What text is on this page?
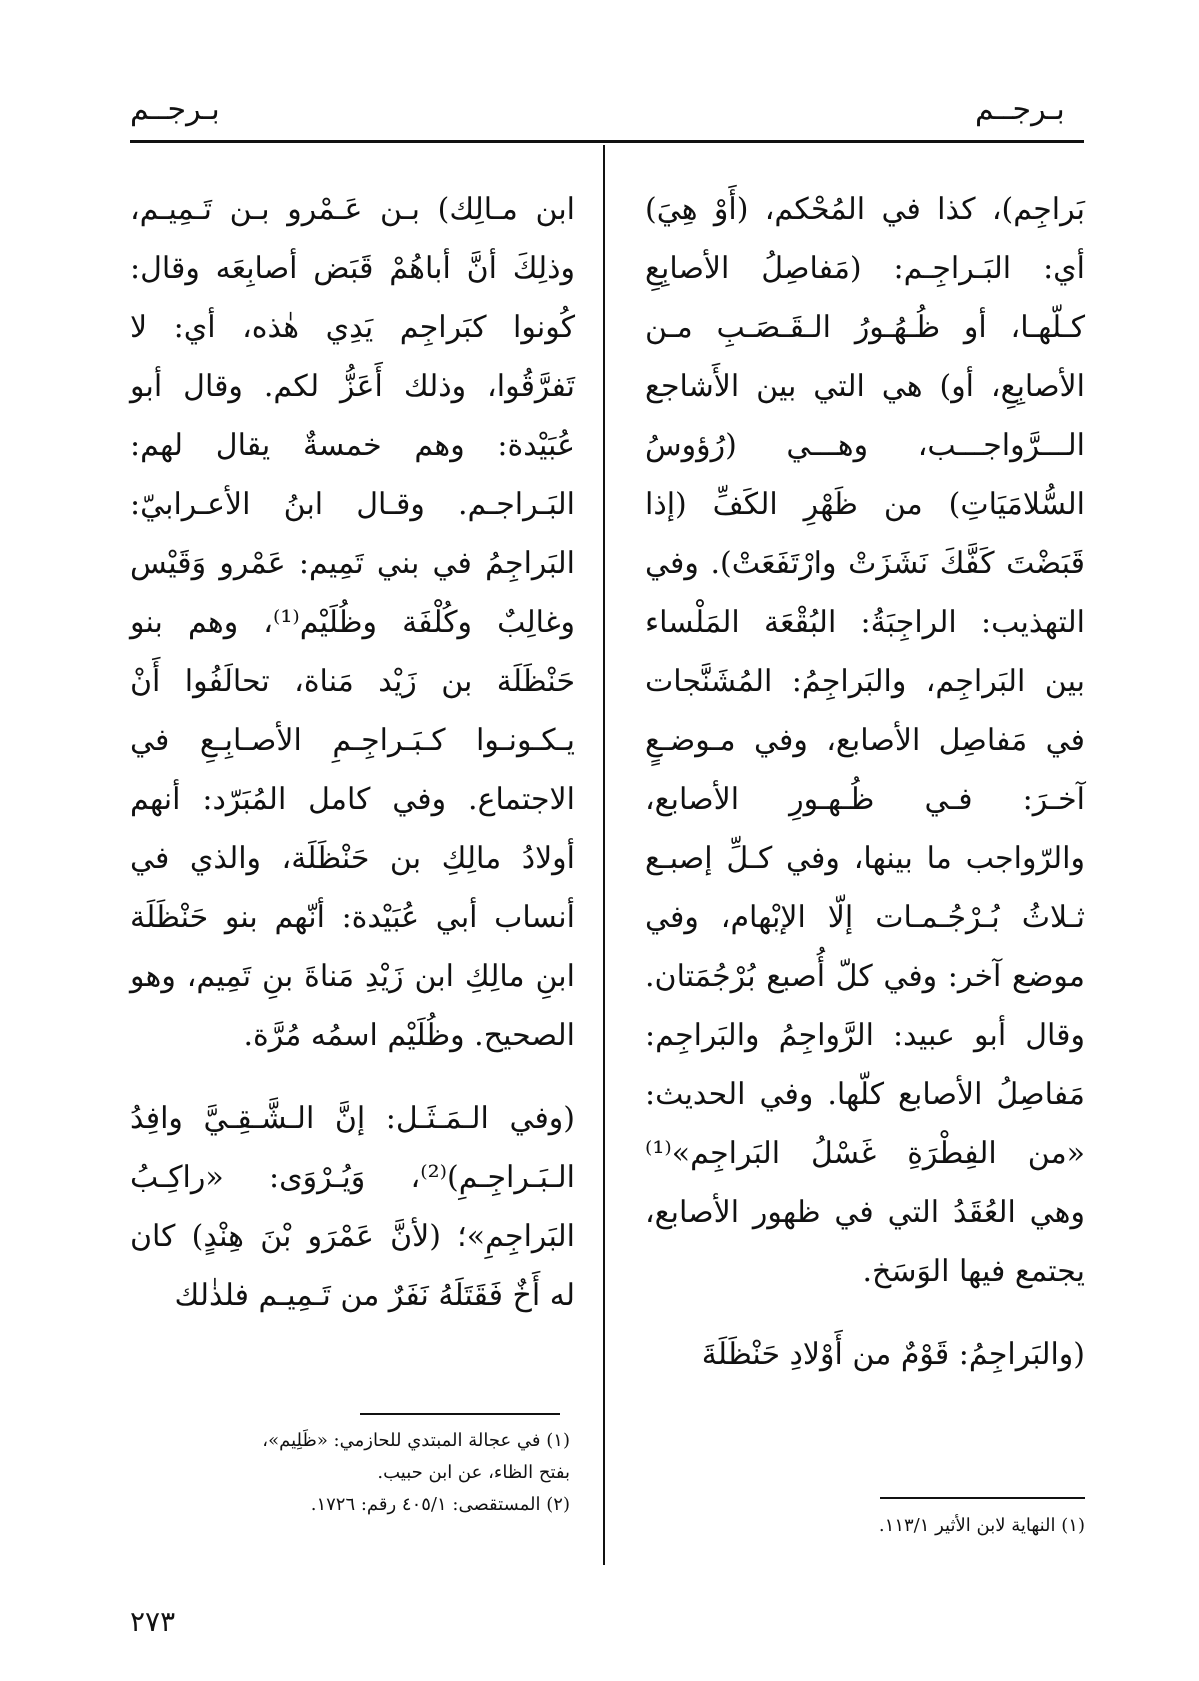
بـرجــم
بـرجــم

بَراجِم)، كذا في المُحْكم، (أَوْ هِيَ) أي: البَـراجِـم: (مَفاصِلُ الأصابِعِ كـلّهـا، أو ظُـهُـورُ الـقَـصَـبِ مـن الأصابِعِ، أو) هي التي بين الأَشاجع الـــرَّواجـــب، وهـــي (رُؤوسُ السُّلامَيَاتِ) من ظَهْرِ الكَفِّ (إذا قَبَضْتَ كَفَّكَ نَشَزَتْ وارْتَفَعَتْ). وفي التهذيب: الراجِبَةُ: البُقْعَة المَلْساء بين البَراجِم، والبَراجِمُ: المُشَنَّجات في مَفاصِل الأصابع، وفي مـوضـعٍ آخـرَ: فـي ظُـهـورِ الأصابع، والرّواجب ما بينها، وفي كـلِّ إصبـع ثـلاثُ بُـرْجُـمـات إلّا الإبْهام، وفي موضع آخر: وفي كلّ أُصبع بُرْجُمَتان. وقال أبو عبيد: الرَّواجِمُ والبَراجِم: مَفاصِلُ الأصابع كلّها. وفي الحديث: «من الفِطْرَةِ غَسْلُ البَراجِم»⁽¹⁾ وهي العُقَدُ التي في ظهور الأصابع، يجتمع فيها الوَسَخ.

(والبَراجِمُ: قَوْمٌ من أَوْلادِ حَنْظَلَةَ

(١) النهاية لابن الأثير ١١٣/١.

ابن مـالِك) بـن عَـمْرو بـن تَـمِيـم، وذلِكَ أنَّ أباهُمْ قَبَض أصابِعَه وقال: كُونوا كبَراجِم يَدِي هٰذه، أي: لا تَفرَّقُوا، وذلك أَعَزُّ لكم. وقال أبو عُبَيْدة: وهم خمسةٌ يقال لهم: البَـراجـم. وقـال ابنُ الأعـرابيّ: البَراجِمُ في بني تَمِيم: عَمْرو وَقَيْس وغالِبٌ وكُلْفَة وظُلَيْم⁽¹⁾، وهم بنو حَنْظَلَة بن زَيْد مَناة، تحالَفُوا أَنْ يـكـونـوا كـبَـراجِـمِ الأصـابِـعِ في الاجتماع. وفي كامل المُبَرّد: أنهم أولادُ مالِكِ بن حَنْظَلَة، والذي في أنساب أبي عُبَيْدة: أنّهم بنو حَنْظَلَة ابنِ مالِكِ ابن زَيْدِ مَناةَ بنِ تَمِيم، وهو الصحيح. وظُلَيْم اسمُه مُرَّة.

(وفي الـمَـثَـل: إنَّ الـشَّـقِـيَّ وافِدُ الـبَـراجِـمِ)⁽²⁾، وَيُـرْوَى: «راكِـبُ البَراجِمِ»؛ (لأنَّ عَمْرَو بْنَ هِنْدٍ) كان له أَخٌ فَقَتَلَهُ نَفَرٌ من تَـمِيـم فلذٰلك

(١) في عجالة المبتدي للحازمي: «ظَلِيم»، بفتح الظاء، عن ابن حبيب.

(٢) المستقصى: ٤٠٥/١ رقم: ١٧٢٦.

٢٧٣
